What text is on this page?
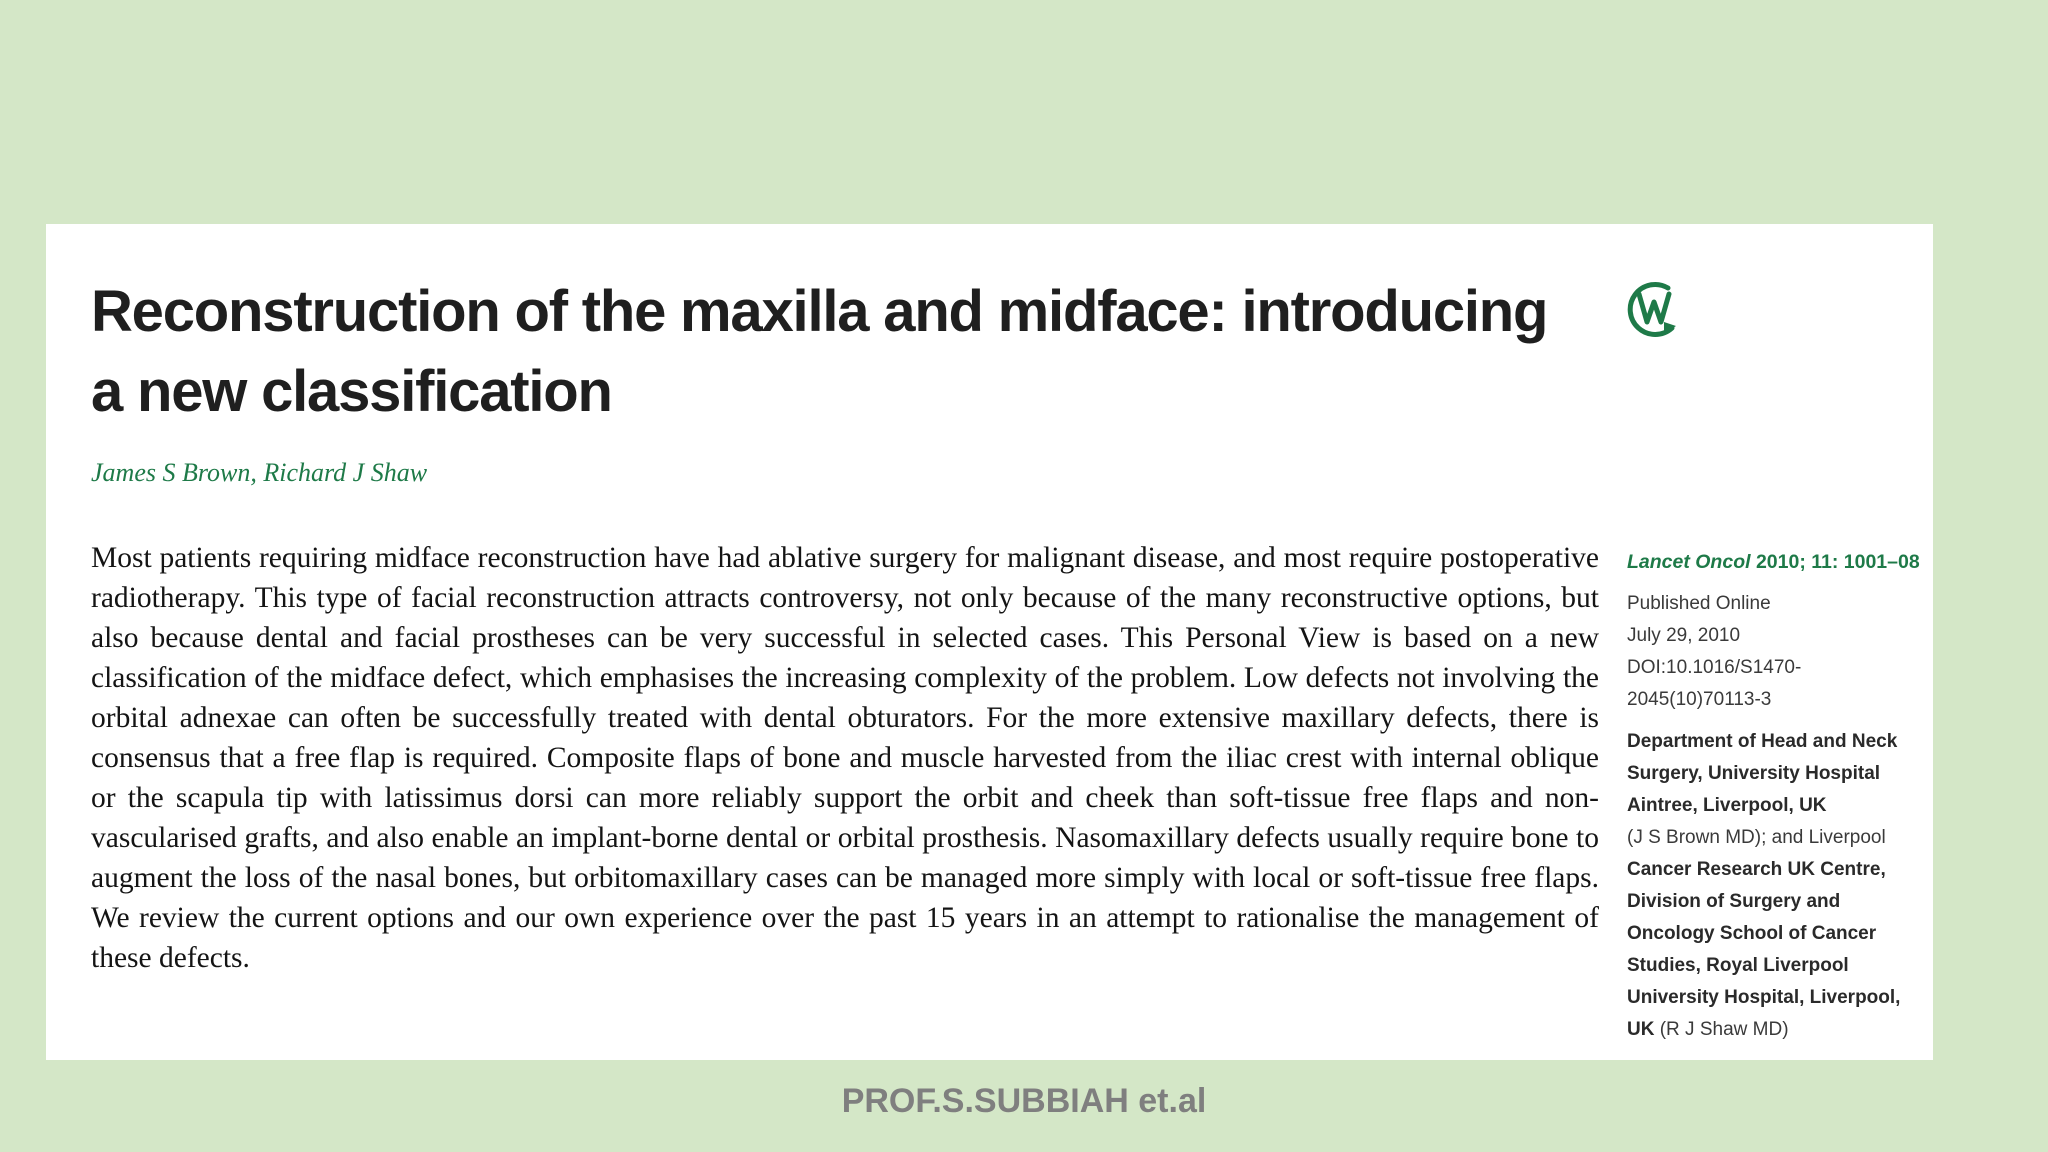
Reconstruction of the maxilla and midface: introducing
a new classification
James S Brown, Richard J Shaw
Most patients requiring midface reconstruction have had ablative surgery for malignant disease, and most require postoperative radiotherapy. This type of facial reconstruction attracts controversy, not only because of the many reconstructive options, but also because dental and facial prostheses can be very successful in selected cases. This Personal View is based on a new classification of the midface defect, which emphasises the increasing complexity of the problem. Low defects not involving the orbital adnexae can often be successfully treated with dental obturators. For the more extensive maxillary defects, there is consensus that a free flap is required. Composite flaps of bone and muscle harvested from the iliac crest with internal oblique or the scapula tip with latissimus dorsi can more reliably support the orbit and cheek than soft-tissue free flaps and non-vascularised grafts, and also enable an implant-borne dental or orbital prosthesis. Nasomaxillary defects usually require bone to augment the loss of the nasal bones, but orbitomaxillary cases can be managed more simply with local or soft-tissue free flaps. We review the current options and our own experience over the past 15 years in an attempt to rationalise the management of these defects.
Lancet Oncol 2010; 11: 1001–08
Published Online
July 29, 2010
DOI:10.1016/S1470-
2045(10)70113-3
Department of Head and Neck
Surgery, University Hospital
Aintree, Liverpool, UK
(J S Brown MD); and Liverpool
Cancer Research UK Centre,
Division of Surgery and
Oncology School of Cancer
Studies, Royal Liverpool
University Hospital, Liverpool,
UK (R J Shaw MD)
PROF.S.SUBBIAH et.al
